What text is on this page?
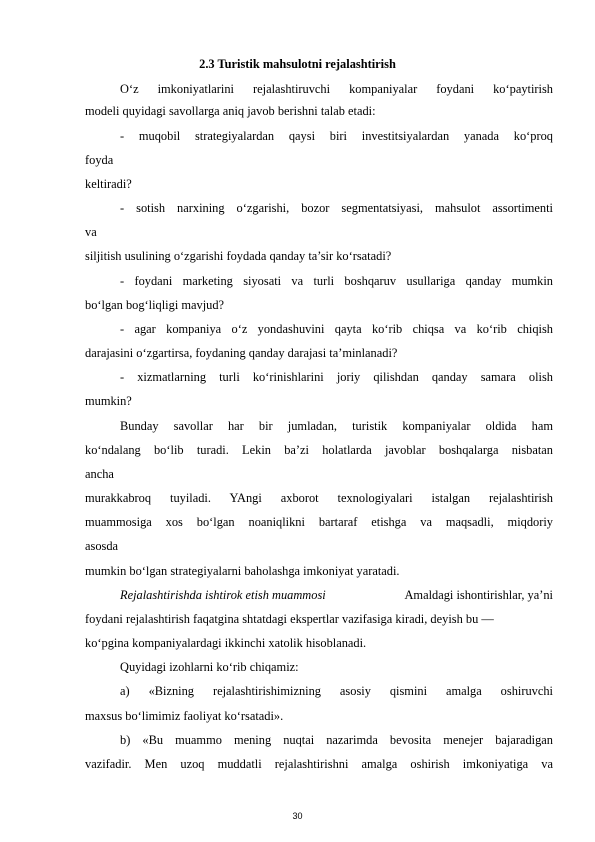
2.3 Turistik mahsulotni rejalashtirish
O‘z imkoniyatlarini rejalashtiruvchi kompaniyalar foydani ko‘paytirish
modeli quyidagi savollarga aniq javob berishni talab etadi:
- muqobil strategiyalardan qaysi biri investitsiyalardan yanada ko‘proq
foyda
keltiradi?
- sotish narxining o‘zgarishi, bozor segmentatsiyasi, mahsulot assortimenti
va
siljitish usulining o‘zgarishi foydada qanday ta’sir ko‘rsatadi?
- foydani marketing siyosati va turli boshqaruv usullariga qanday mumkin
bo‘lgan bog‘liqligi mavjud?
- agar kompaniya o‘z yondashuvini qayta ko‘rib chiqsa va ko‘rib chiqish
darajasini o‘zgartirsa, foydaning qanday darajasi ta’minlanadi?
- xizmatlarning turli ko‘rinishlarini joriy qilishdan qanday samara olish
mumkin?
Bunday savollar har bir jumladan, turistik kompaniyalar oldida ham
ko‘ndalang bo‘lib turadi. Lekin ba’zi holatlarda javoblar boshqalarga nisbatan
ancha
murakkabroq tuyiladi. YAngi axborot texnologiyalari istalgan rejalashtirish
muammosiga xos bo‘lgan noaniqlikni bartaraf etishga va maqsadli, miqdoriy
asosda
mumkin bo‘lgan strategiyalarni baholashga imkoniyat yaratadi.
Rejalashtirishda ishtirok etish muammosi	Amaldagi ishontirishlar, ya’ni
foydani rejalashtirish faqatgina shtatdagi ekspertlar vazifasiga kiradi, deyish bu —
ko‘pgina kompaniyalardagi ikkinchi xatolik hisoblanadi.
Quyidagi izohlarni ko‘rib chiqamiz:
a) «Bizning rejalashtirishimizning asosiy qismini amalga oshiruvchi
maxsus bo‘limimiz faoliyat ko‘rsatadi».
b) «Bu muammo mening nuqtai nazarimda bevosita menejer bajaradigan
vazifadir. Men uzoq muddatli rejalashtirishni amalga oshirish imkoniyatiga va
30
